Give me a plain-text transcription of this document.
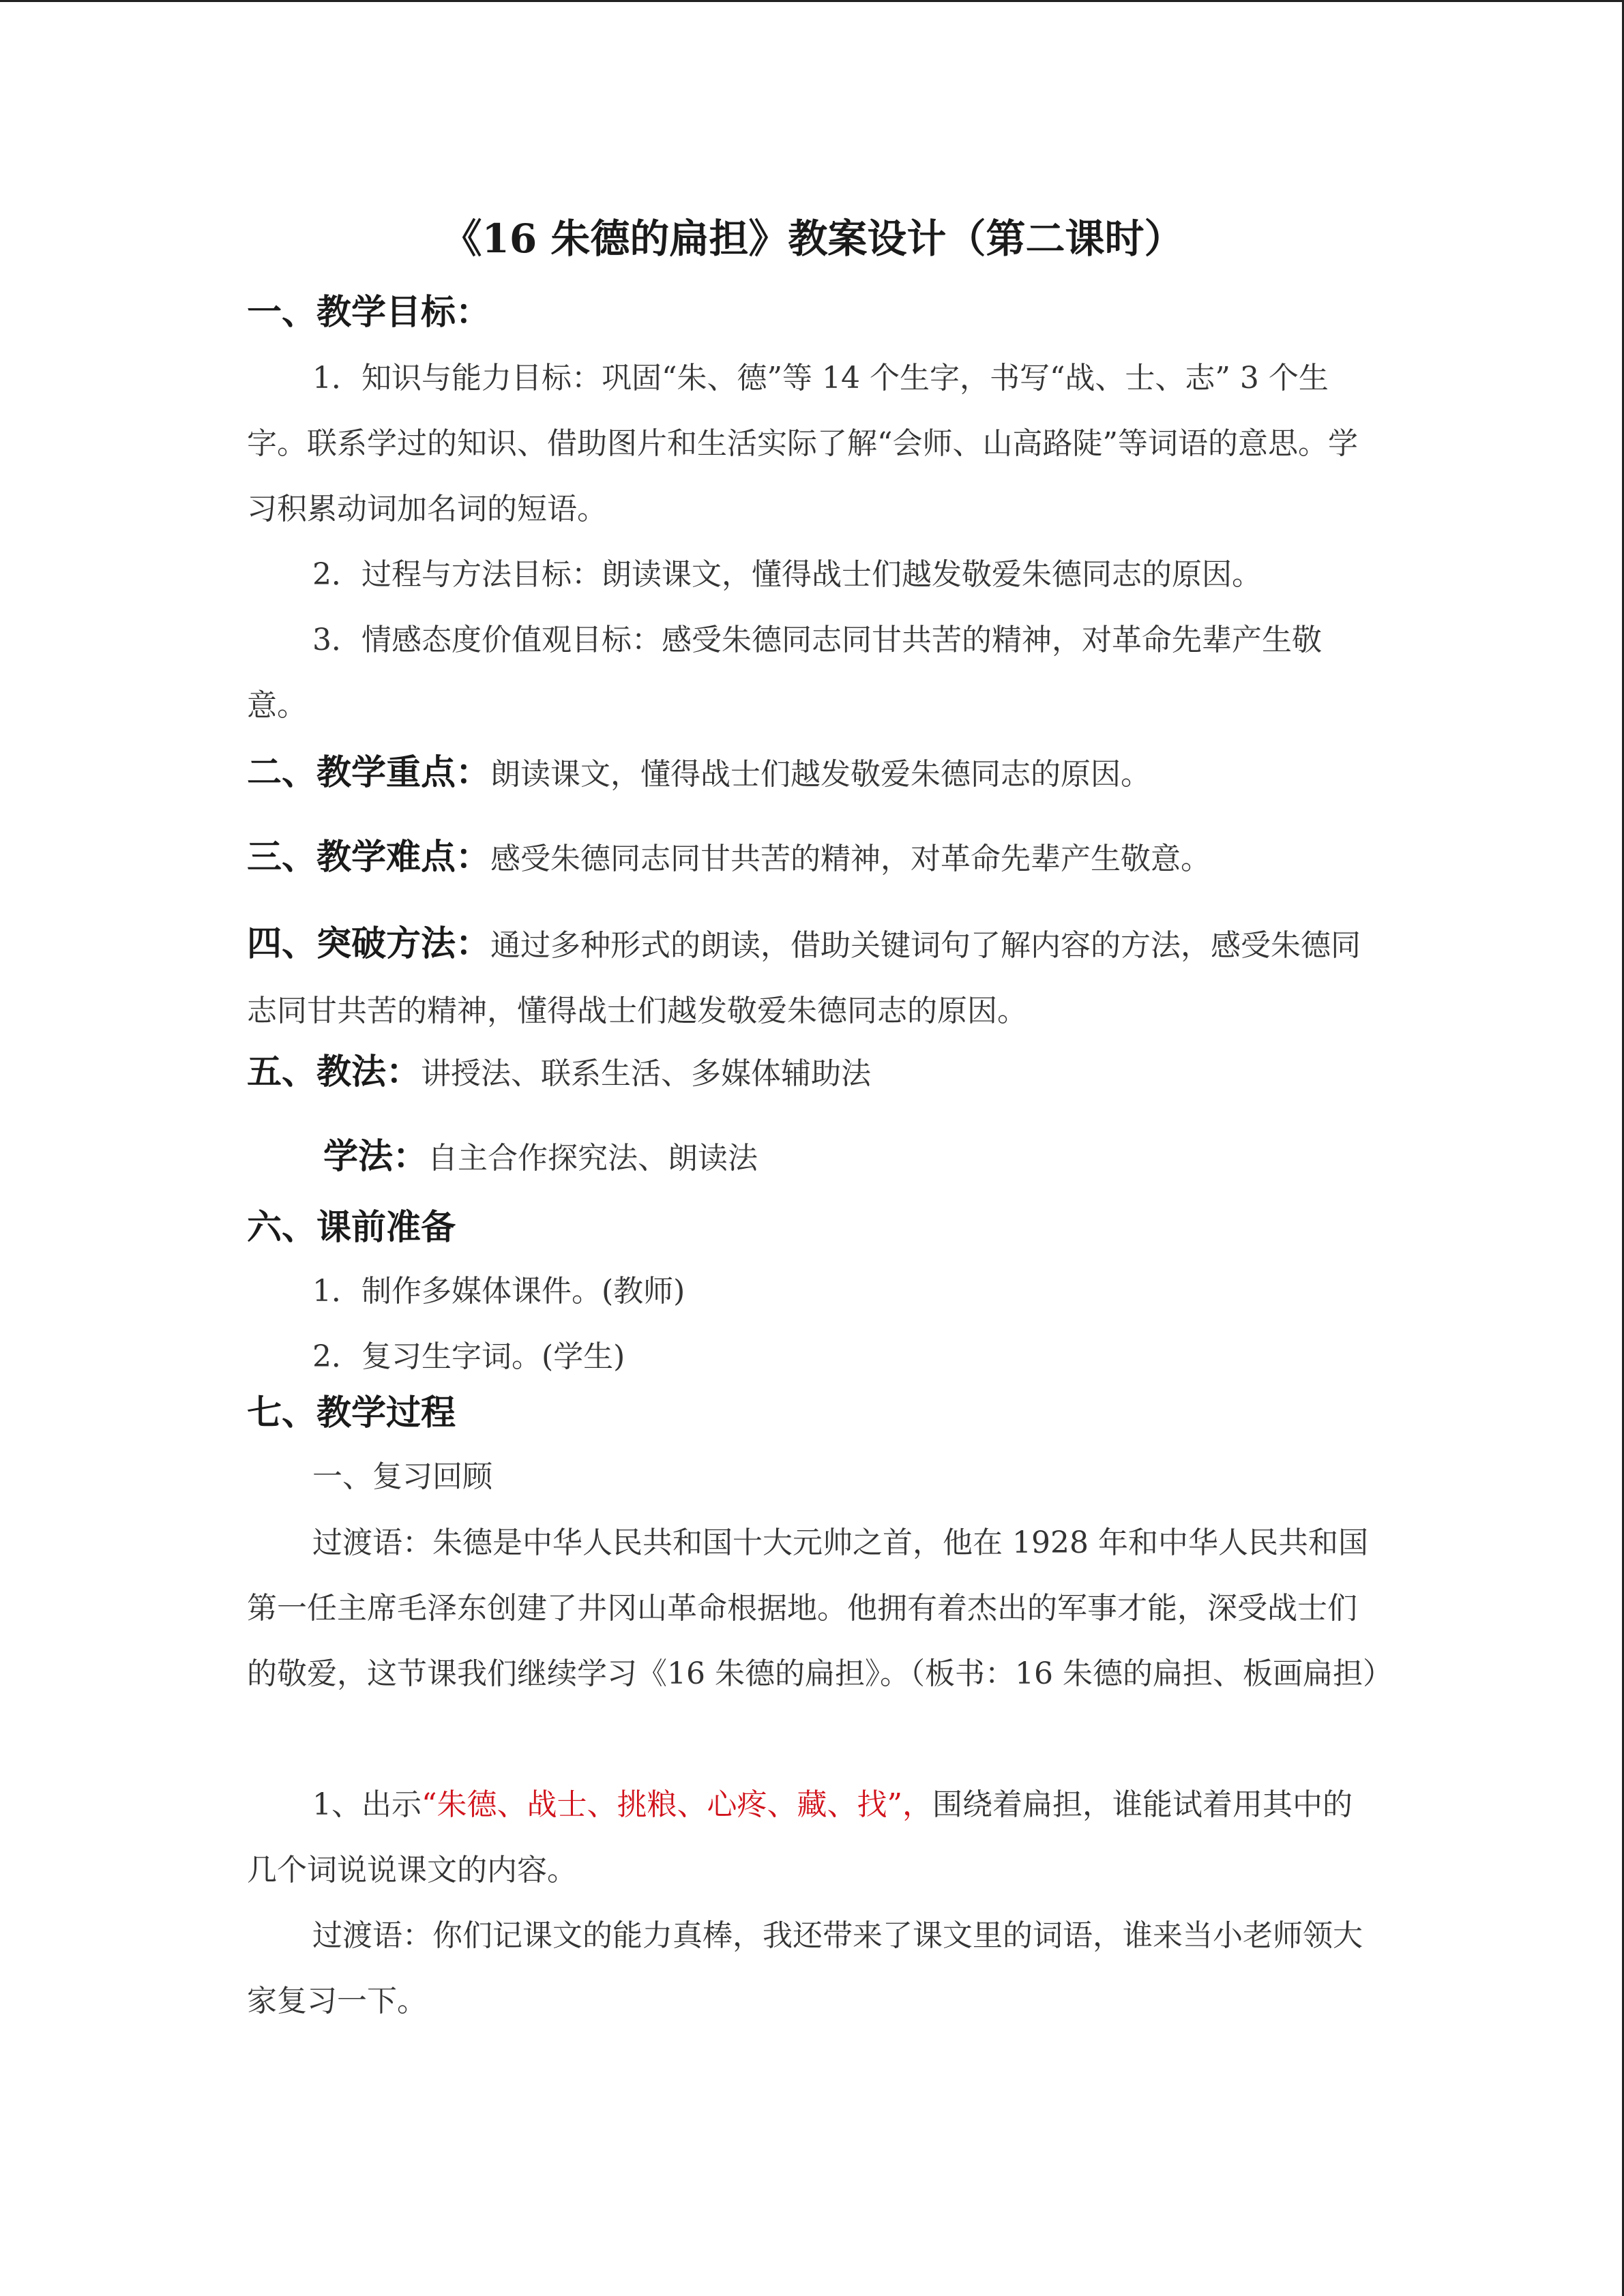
《16 朱德的扁担》教案设计（第二课时）
一、教学目标：

1．知识与能力目标：巩固“朱、德”等 14 个生字，书写“战、士、志” 3 个生字。联系学过的知识、借助图片和生活实际了解“会师、山高路陡”等词语的意思。学习积累动词加名词的短语。

2．过程与方法目标：朗读课文，懂得战士们越发敬爱朱德同志的原因。

3．情感态度价值观目标：感受朱德同志同甘共苦的精神，对革命先辈产生敬意。

二、教学重点：朗读课文，懂得战士们越发敬爱朱德同志的原因。
三、教学难点：感受朱德同志同甘共苦的精神，对革命先辈产生敬意。

四、突破方法：通过多种形式的朗读，借助关键词句了解内容的方法，感受朱德同志同甘共苦的精神，懂得战士们越发敬爱朱德同志的原因。

五、教法：讲授法、联系生活、多媒体辅助法
学法：自主合作探究法、朗读法
六、课前准备
1．制作多媒体课件。(教师)
2．复习生字词。(学生)
七、教学过程
一、复习回顾

过渡语：朱德是中华人民共和国十大元帅之首，他在 1928 年和中华人民共和国第一任主席毛泽东创建了井冈山革命根据地。他拥有着杰出的军事才能，深受战士们的敬爱，这节课我们继续学习《16 朱德的扁担》。（板书：16 朱德的扁担、板画扁担）

1、出示“朱德、战士、挑粮、心疼、藏、找”，围绕着扁担，谁能试着用其中的几个词说说课文的内容。

过渡语：你们记课文的能力真棒，我还带来了课文里的词语，谁来当小老师领大家复习一下。
